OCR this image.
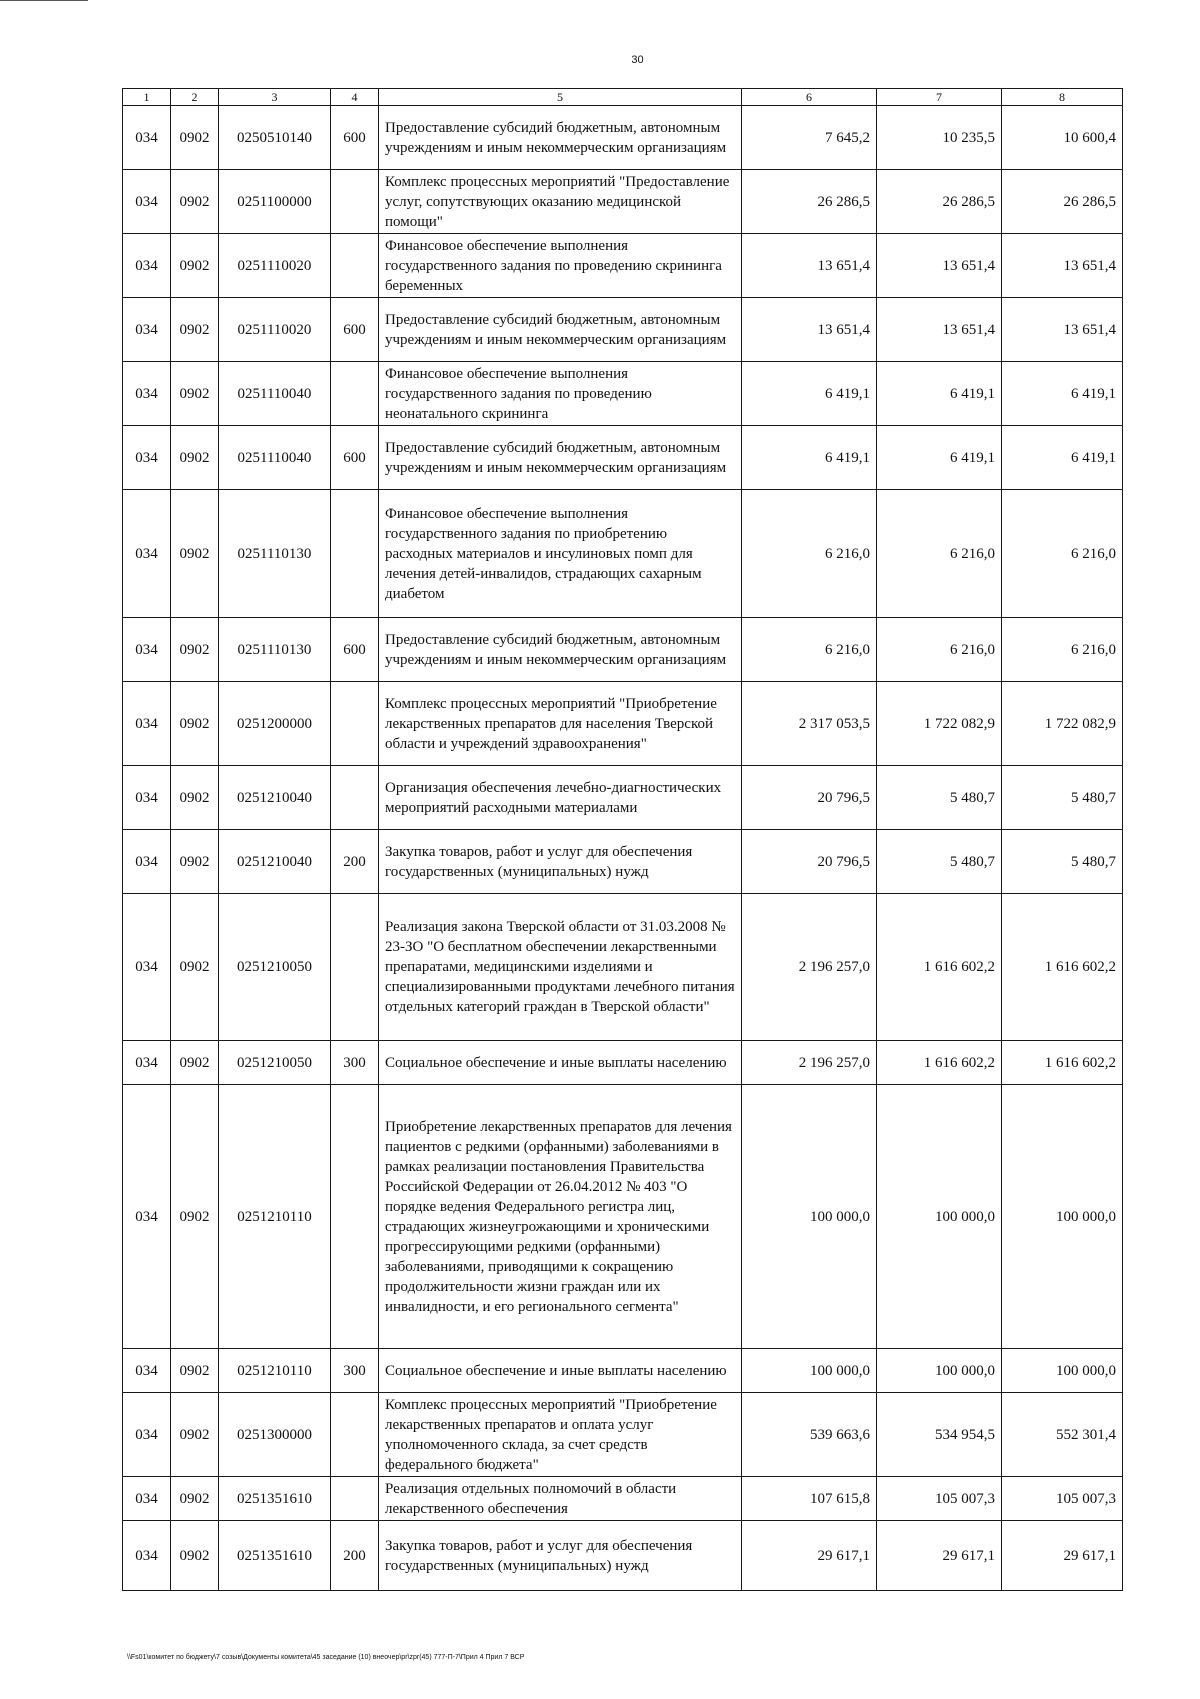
30
1	2	3	4	5	6	7	8
034	0902	0250510140	600	Предоставление субсидий бюджетным, автономным учреждениям и иным некоммерческим организациям	7 645,2	10 235,5	10 600,4
034	0902	0251100000		Комплекс процессных мероприятий "Предоставление услуг, сопутствующих оказанию медицинской помощи"	26 286,5	26 286,5	26 286,5
034	0902	0251110020		Финансовое обеспечение выполнения государственного задания по проведению скрининга беременных	13 651,4	13 651,4	13 651,4
034	0902	0251110020	600	Предоставление субсидий бюджетным, автономным учреждениям и иным некоммерческим организациям	13 651,4	13 651,4	13 651,4
034	0902	0251110040		Финансовое обеспечение выполнения государственного задания по проведению неонатального скрининга	6 419,1	6 419,1	6 419,1
034	0902	0251110040	600	Предоставление субсидий бюджетным, автономным учреждениям и иным некоммерческим организациям	6 419,1	6 419,1	6 419,1
034	0902	0251110130		Финансовое обеспечение выполнения государственного задания по приобретению расходных материалов и инсулиновых помп для лечения детей-инвалидов, страдающих сахарным диабетом	6 216,0	6 216,0	6 216,0
034	0902	0251110130	600	Предоставление субсидий бюджетным, автономным учреждениям и иным некоммерческим организациям	6 216,0	6 216,0	6 216,0
034	0902	0251200000		Комплекс процессных мероприятий "Приобретение лекарственных препаратов для населения Тверской области и учреждений здравоохранения"	2 317 053,5	1 722 082,9	1 722 082,9
034	0902	0251210040		Организация обеспечения лечебно-диагностических мероприятий расходными материалами	20 796,5	5 480,7	5 480,7
034	0902	0251210040	200	Закупка товаров, работ и услуг для обеспечения государственных (муниципальных) нужд	20 796,5	5 480,7	5 480,7
034	0902	0251210050		Реализация закона Тверской области от 31.03.2008 № 23-ЗО "О бесплатном обеспечении лекарственными препаратами, медицинскими изделиями и специализированными продуктами лечебного питания отдельных категорий граждан в Тверской области"	2 196 257,0	1 616 602,2	1 616 602,2
034	0902	0251210050	300	Социальное обеспечение и иные выплаты населению	2 196 257,0	1 616 602,2	1 616 602,2
034	0902	0251210110		Приобретение лекарственных препаратов для лечения пациентов с редкими (орфанными) заболеваниями в рамках реализации постановления Правительства Российской Федерации от 26.04.2012 № 403 "О порядке ведения Федерального регистра лиц, страдающих жизнеугрожающими и хроническими прогрессирующими редкими (орфанными) заболеваниями, приводящими к сокращению продолжительности жизни граждан или их инвалидности, и его регионального сегмента"	100 000,0	100 000,0	100 000,0
034	0902	0251210110	300	Социальное обеспечение и иные выплаты населению	100 000,0	100 000,0	100 000,0
034	0902	0251300000		Комплекс процессных мероприятий "Приобретение лекарственных препаратов и оплата услуг уполномоченного склада, за счет средств федерального бюджета"	539 663,6	534 954,5	552 301,4
034	0902	0251351610		Реализация отдельных полномочий в области лекарственного обеспечения	107 615,8	105 007,3	105 007,3
034	0902	0251351610	200	Закупка товаров, работ и услуг для обеспечения государственных (муниципальных) нужд	29 617,1	29 617,1	29 617,1
\\Fs01\комитет по бюджету\7 созыв\Документы комитета\45 заседание (10) внеочер\pr\zpr(45) 777-П-7\Прил 4 Прил 7 ВСР
